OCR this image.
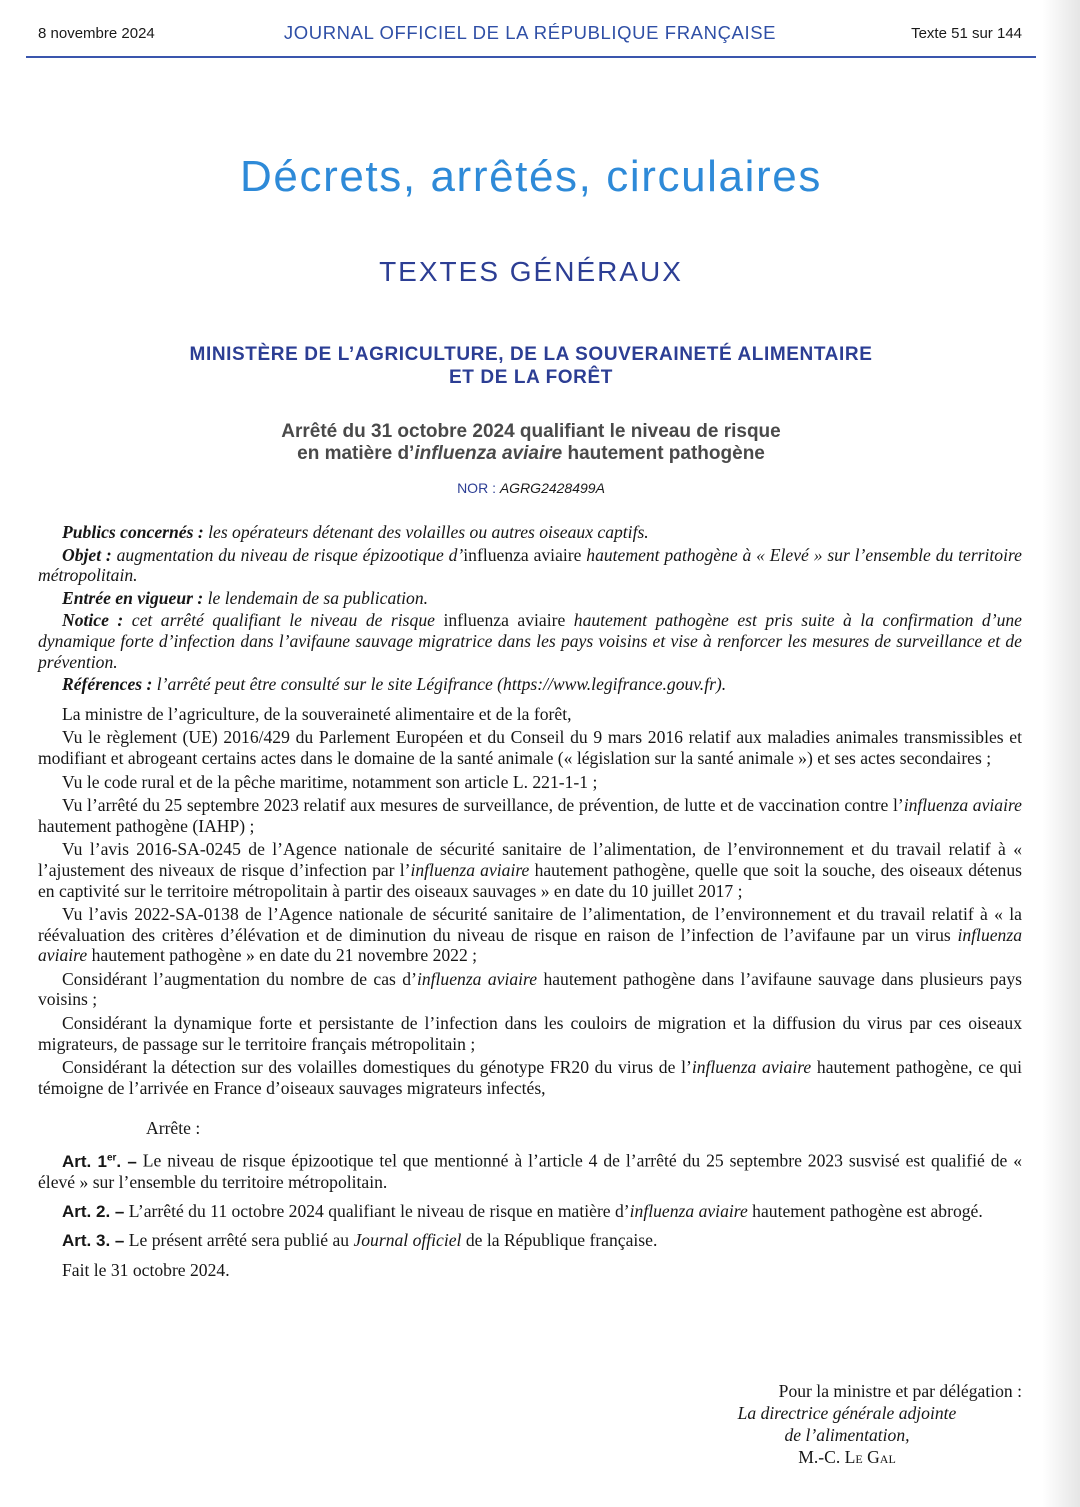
8 novembre 2024	JOURNAL OFFICIEL DE LA RÉPUBLIQUE FRANÇAISE	Texte 51 sur 144
Décrets, arrêtés, circulaires
TEXTES GÉNÉRAUX
MINISTÈRE DE L’AGRICULTURE, DE LA SOUVERAINETÉ ALIMENTAIRE
ET DE LA FORÊT
Arrêté du 31 octobre 2024 qualifiant le niveau de risque
en matière d’influenza aviaire hautement pathogène
NOR : AGRG2428499A

Publics concernés : les opérateurs détenant des volailles ou autres oiseaux captifs.

Objet : augmentation du niveau de risque épizootique d’influenza aviaire hautement pathogène à « Elevé » sur l’ensemble du territoire métropolitain.

Entrée en vigueur : le lendemain de sa publication.

Notice : cet arrêté qualifiant le niveau de risque influenza aviaire hautement pathogène est pris suite à la confirmation d’une dynamique forte d’infection dans l’avifaune sauvage migratrice dans les pays voisins et vise à renforcer les mesures de surveillance et de prévention.

Références : l’arrêté peut être consulté sur le site Légifrance (https://www.legifrance.gouv.fr).

La ministre de l’agriculture, de la souveraineté alimentaire et de la forêt,

Vu le règlement (UE) 2016/429 du Parlement Européen et du Conseil du 9 mars 2016 relatif aux maladies animales transmissibles et modifiant et abrogeant certains actes dans le domaine de la santé animale (« législation sur la santé animale ») et ses actes secondaires ;

Vu le code rural et de la pêche maritime, notamment son article L. 221-1-1 ;

Vu l’arrêté du 25 septembre 2023 relatif aux mesures de surveillance, de prévention, de lutte et de vaccination contre l’influenza aviaire hautement pathogène (IAHP) ;

Vu l’avis 2016-SA-0245 de l’Agence nationale de sécurité sanitaire de l’alimentation, de l’environnement et du travail relatif à « l’ajustement des niveaux de risque d’infection par l’influenza aviaire hautement pathogène, quelle que soit la souche, des oiseaux détenus en captivité sur le territoire métropolitain à partir des oiseaux sauvages » en date du 10 juillet 2017 ;

Vu l’avis 2022-SA-0138 de l’Agence nationale de sécurité sanitaire de l’alimentation, de l’environnement et du travail relatif à « la réévaluation des critères d’élévation et de diminution du niveau de risque en raison de l’infection de l’avifaune par un virus influenza aviaire hautement pathogène » en date du 21 novembre 2022 ;

Considérant l’augmentation du nombre de cas d’influenza aviaire hautement pathogène dans l’avifaune sauvage dans plusieurs pays voisins ;

Considérant la dynamique forte et persistante de l’infection dans les couloirs de migration et la diffusion du virus par ces oiseaux migrateurs, de passage sur le territoire français métropolitain ;

Considérant la détection sur des volailles domestiques du génotype FR20 du virus de l’influenza aviaire hautement pathogène, ce qui témoigne de l’arrivée en France d’oiseaux sauvages migrateurs infectés,

Arrête :

Art. 1er. – Le niveau de risque épizootique tel que mentionné à l’article 4 de l’arrêté du 25 septembre 2023 susvisé est qualifié de « élevé » sur l’ensemble du territoire métropolitain.

Art. 2. – L’arrêté du 11 octobre 2024 qualifiant le niveau de risque en matière d’influenza aviaire hautement pathogène est abrogé.

Art. 3. – Le présent arrêté sera publié au Journal officiel de la République française.

Fait le 31 octobre 2024.

Pour la ministre et par délégation :
La directrice générale adjointe
de l’alimentation,
M.-C. Le Gal
